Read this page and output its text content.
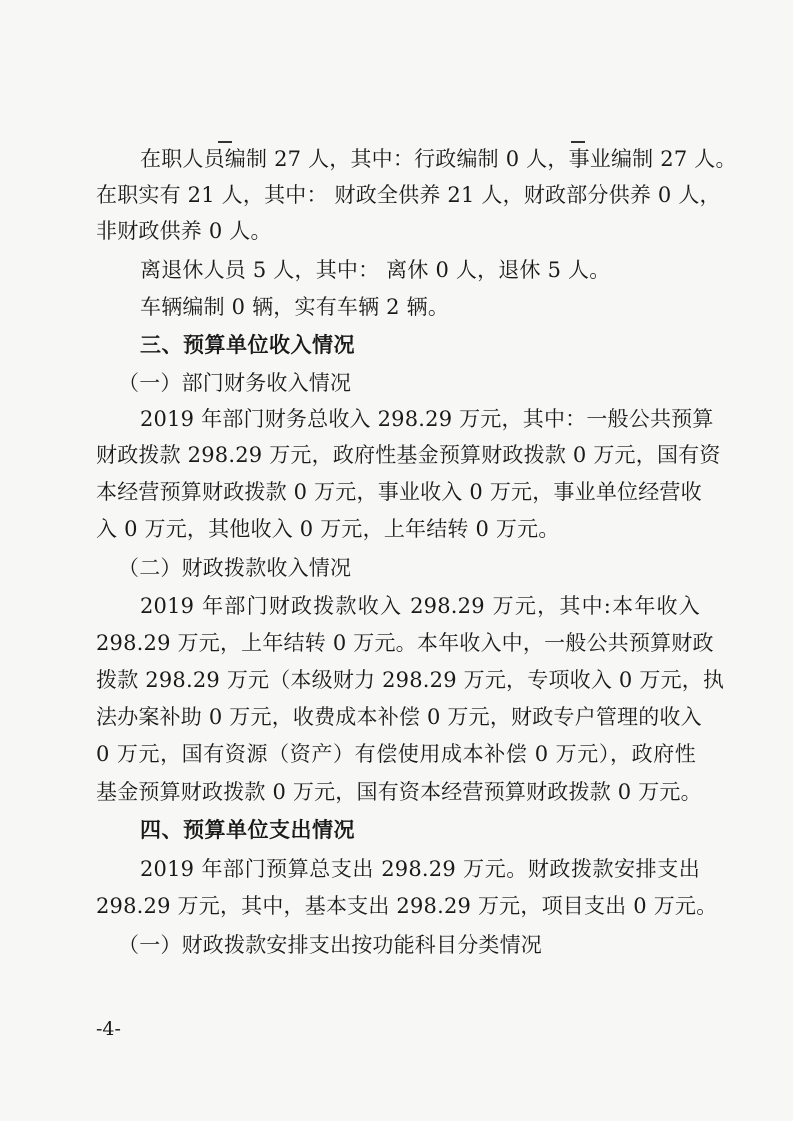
在职人员编制 27 人，其中：行政编制 0 人，事业编制 27 人。
在职实有 21 人，其中： 财政全供养 21 人，财政部分供养 0 人，
非财政供养 0 人。
离退休人员 5 人，其中： 离休 0 人，退休 5 人。
车辆编制 0 辆，实有车辆 2 辆。
三、预算单位收入情况
（一）部门财务收入情况
2019 年部门财务总收入 298.29 万元，其中：一般公共预算
财政拨款 298.29 万元，政府性基金预算财政拨款 0 万元，国有资
本经营预算财政拨款 0 万元，事业收入 0 万元，事业单位经营收
入 0 万元，其他收入 0 万元，上年结转 0 万元。
（二）财政拨款收入情况
2019 年部门财政拨款收入 298.29 万元，其中:本年收入
298.29 万元，上年结转 0 万元。本年收入中，一般公共预算财政
拨款 298.29 万元（本级财力 298.29 万元，专项收入 0 万元，执
法办案补助 0 万元，收费成本补偿 0 万元，财政专户管理的收入
0 万元，国有资源（资产）有偿使用成本补偿 0 万元），政府性
基金预算财政拨款 0 万元，国有资本经营预算财政拨款 0 万元。
四、预算单位支出情况
2019 年部门预算总支出 298.29 万元。财政拨款安排支出
298.29 万元，其中，基本支出 298.29 万元，项目支出 0 万元。
（一）财政拨款安排支出按功能科目分类情况
-4-
